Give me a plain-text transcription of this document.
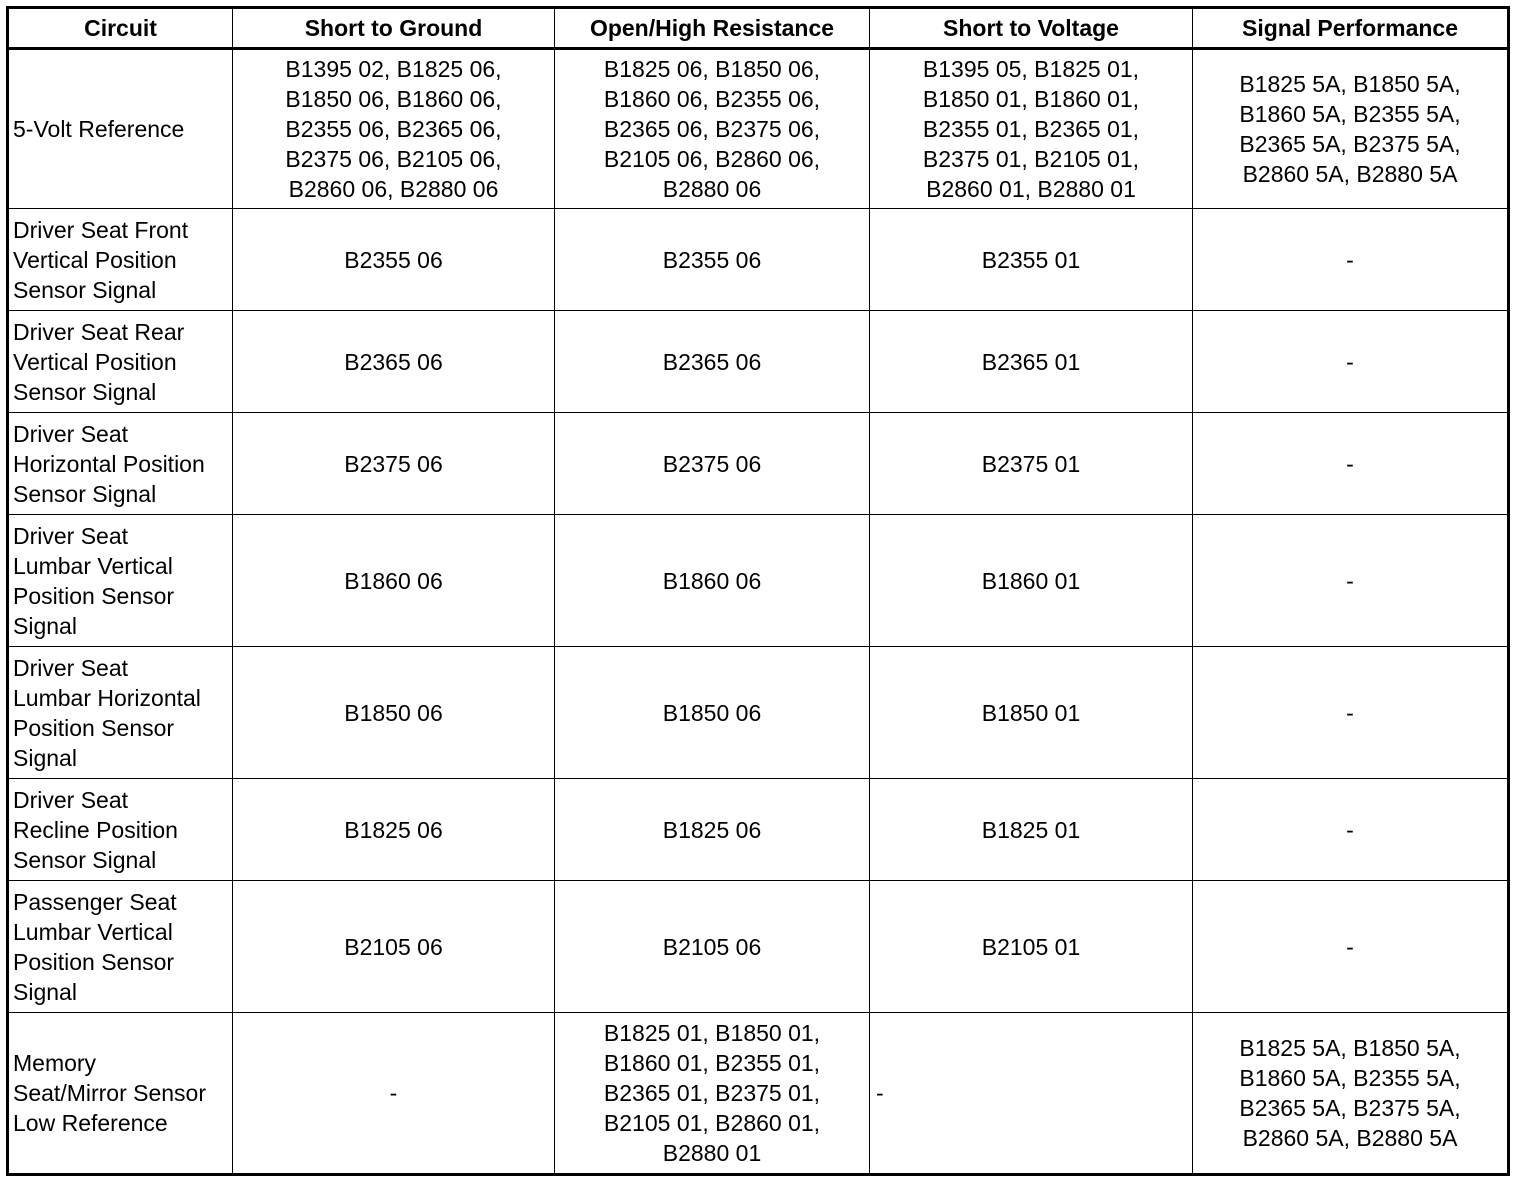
Circuit	Short to Ground	Open/High Resistance	Short to Voltage	Signal Performance

5-Volt Reference	B1395 02, B1825 06,
B1850 06, B1860 06,
B2355 06, B2365 06,
B2375 06, B2105 06,
B2860 06, B2880 06	B1825 06, B1850 06,
B1860 06, B2355 06,
B2365 06, B2375 06,
B2105 06, B2860 06,
B2880 06	B1395 05, B1825 01,
B1850 01, B1860 01,
B2355 01, B2365 01,
B2375 01, B2105 01,
B2860 01, B2880 01	B1825 5A, B1850 5A,
B1860 5A, B2355 5A,
B2365 5A, B2375 5A,
B2860 5A, B2880 5A

Driver Seat Front
Vertical Position
Sensor Signal	B2355 06	B2355 06	B2355 01	-

Driver Seat Rear
Vertical Position
Sensor Signal	B2365 06	B2365 06	B2365 01	-

Driver Seat
Horizontal Position
Sensor Signal	B2375 06	B2375 06	B2375 01	-

Driver Seat
Lumbar Vertical
Position Sensor
Signal	B1860 06	B1860 06	B1860 01	-

Driver Seat
Lumbar Horizontal
Position Sensor
Signal	B1850 06	B1850 06	B1850 01	-

Driver Seat
Recline Position
Sensor Signal	B1825 06	B1825 06	B1825 01	-

Passenger Seat
Lumbar Vertical
Position Sensor
Signal	B2105 06	B2105 06	B2105 01	-

Memory
Seat/Mirror Sensor
Low Reference	-	B1825 01, B1850 01,
B1860 01, B2355 01,
B2365 01, B2375 01,
B2105 01, B2860 01,
B2880 01	-	B1825 5A, B1850 5A,
B1860 5A, B2355 5A,
B2365 5A, B2375 5A,
B2860 5A, B2880 5A
